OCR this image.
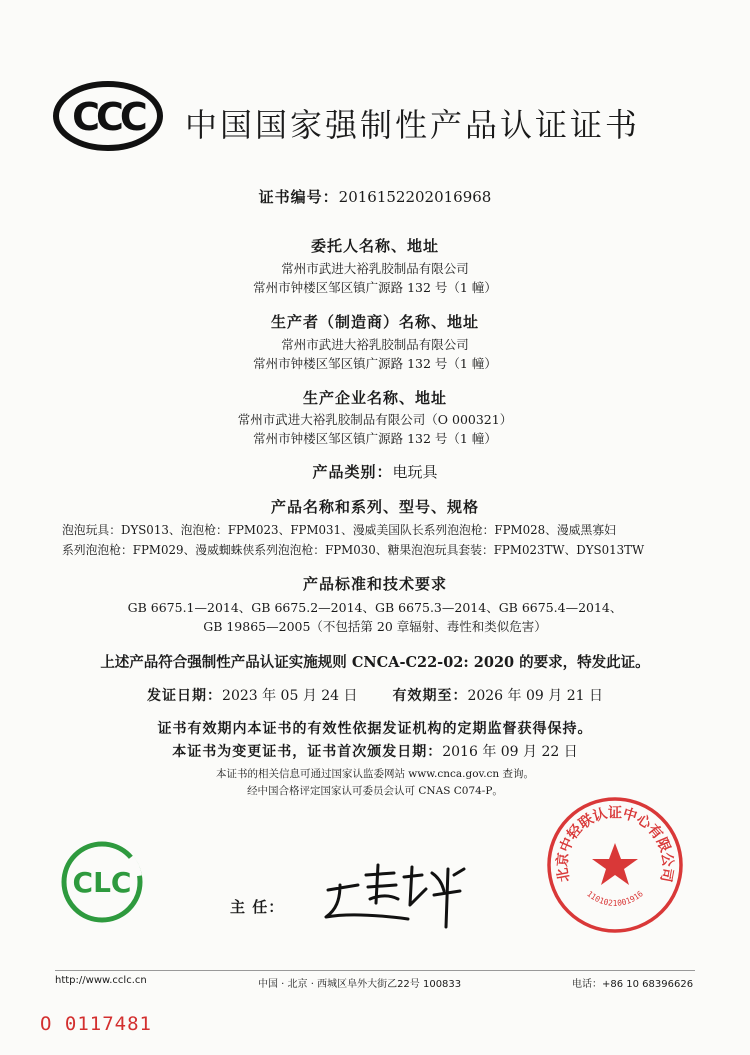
CCC 中国国家强制性产品认证证书
证书编号：2016152202016968
委托人名称、地址
常州市武进大裕乳胶制品有限公司
常州市钟楼区邹区镇广源路 132 号（1 幢）
生产者（制造商）名称、地址
常州市武进大裕乳胶制品有限公司
常州市钟楼区邹区镇广源路 132 号（1 幢）
生产企业名称、地址
常州市武进大裕乳胶制品有限公司（O 000321）
常州市钟楼区邹区镇广源路 132 号（1 幢）
产品类别：电玩具
产品名称和系列、型号、规格
泡泡玩具：DYS013、泡泡枪：FPM023、FPM031、漫威美国队长系列泡泡枪：FPM028、漫威黑寡妇
系列泡泡枪：FPM029、漫威蜘蛛侠系列泡泡枪：FPM030、糖果泡泡玩具套装：FPM023TW、DYS013TW
产品标准和技术要求
GB 6675.1—2014、GB 6675.2—2014、GB 6675.3—2014、GB 6675.4—2014、
GB 19865—2005（不包括第 20 章辐射、毒性和类似危害）
上述产品符合强制性产品认证实施规则 CNCA-C22-02: 2020 的要求，特发此证。
发证日期：2023 年 05 月 24 日 有效期至：2026 年 09 月 21 日
证书有效期内本证书的有效性依据发证机构的定期监督获得保持。
本证书为变更证书，证书首次颁发日期：2016 年 09 月 22 日
本证书的相关信息可通过国家认监委网站 www.cnca.gov.cn 查询。
经中国合格评定国家认可委员会认可 CNAS C074-P。
CLC
主 任：
北京中轻联认证中心有限公司
1101021001916
http://www.cclc.cn	中国 · 北京 · 西城区阜外大街乙22号 100833	电话：+86 10 68396626
O 0117481
